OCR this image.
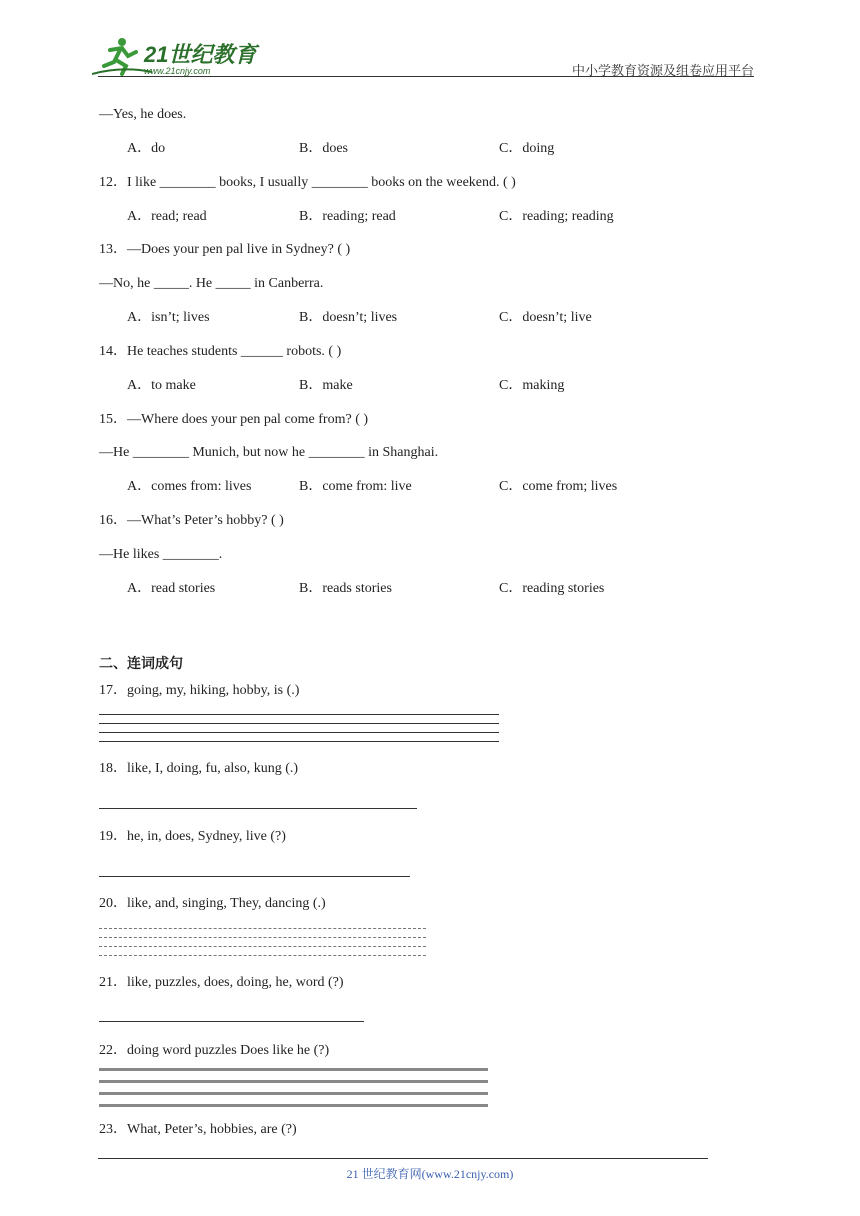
21世纪教育
www.21cnjy.com	中小学教育资源及组卷应用平台
—Yes, he does.
A．do	B．does	C．doing
12．I like ________ books, I usually ________ books on the weekend. ( )
A．read; read	B．reading; read	C．reading; reading
13．—Does your pen pal live in Sydney? ( )
—No, he _____. He _____ in Canberra.
A．isn’t; lives	B．doesn’t; lives	C．doesn’t; live
14．He teaches students ______ robots. ( )
A．to make	B．make	C．making
15．—Where does your pen pal come from? ( )
—He ________ Munich, but now he ________ in Shanghai.
A．comes from: lives	B．come from: live	C．come from; lives
16．—What’s Peter’s hobby? ( )
—He likes ________.
A．read stories	B．reads stories	C．reading stories
二、连词成句
17．going, my, hiking, hobby, is (.)
18．like, I, doing, fu, also, kung (.)
19．he, in, does, Sydney, live (?)
20．like, and, singing, They, dancing (.)
21．like, puzzles, does, doing, he, word (?)
22．doing word puzzles Does like he (?)
23．What, Peter’s, hobbies, are (?)
21 世纪教育网(www.21cnjy.com)
